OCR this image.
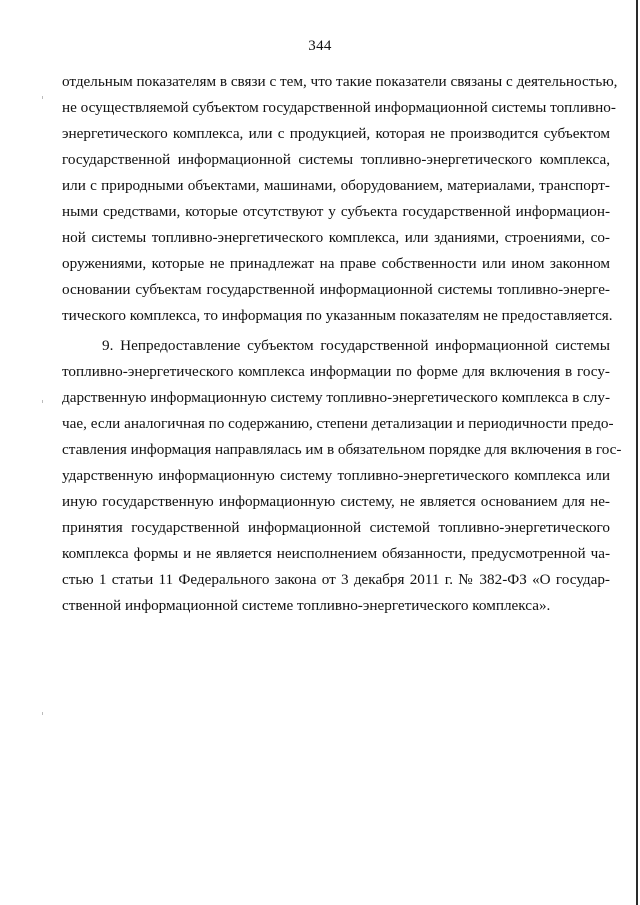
344
отдельным показателям в связи с тем, что такие показатели связаны с деятельностью,
не осуществляемой субъектом государственной информационной системы топливно-
энергетического комплекса, или с продукцией, которая не производится субъектом
государственной информационной системы топливно-энергетического комплекса,
или с природными объектами, машинами, оборудованием, материалами, транспорт-
ными средствами, которые отсутствуют у субъекта государственной информацион-
ной системы топливно-энергетического комплекса, или зданиями, строениями, со-
оружениями, которые не принадлежат на праве собственности или ином законном
основании субъектам государственной информационной системы топливно-энерге-
тического комплекса, то информация по указанным показателям не предоставляется.
9. Непредоставление субъектом государственной информационной системы
топливно-энергетического комплекса информации по форме для включения в госу-
дарственную информационную систему топливно-энергетического комплекса в слу-
чае, если аналогичная по содержанию, степени детализации и периодичности предо-
ставления информация направлялась им в обязательном порядке для включения в гос-
ударственную информационную систему топливно-энергетического комплекса или
иную государственную информационную систему, не является основанием для не-
принятия государственной информационной системой топливно-энергетического
комплекса формы и не является неисполнением обязанности, предусмотренной ча-
стью 1 статьи 11 Федерального закона от 3 декабря 2011 г. № 382-ФЗ «О государ-
ственной информационной системе топливно-энергетического комплекса».
